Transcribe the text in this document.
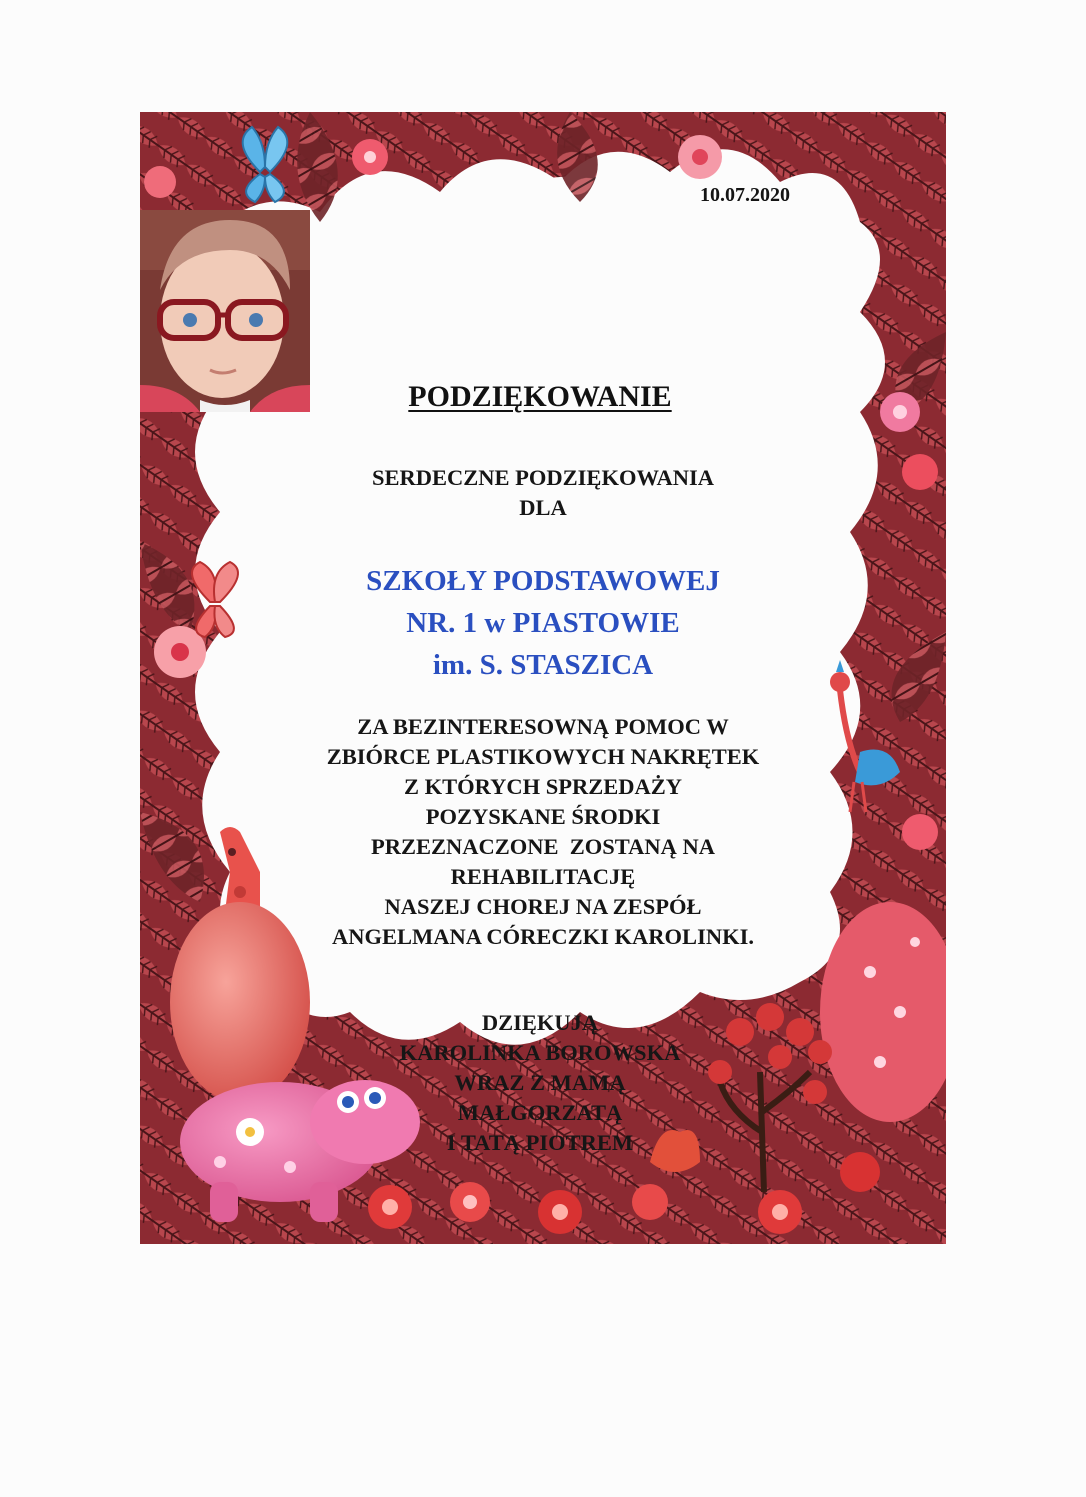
10.07.2020
PODZIĘKOWANIE
SERDECZNE PODZIĘKOWANIA
DLA
SZKOŁY PODSTAWOWEJ
NR. 1 w PIASTOWIE
im. S. STASZICA
ZA BEZINTERESOWNĄ POMOC W
ZBIÓRCE PLASTIKOWYCH NAKRĘTEK
Z KTÓRYCH SPRZEDAŻY
POZYSKANE ŚRODKI
PRZEZNACZONE  ZOSTANĄ NA
REHABILITACJĘ
NASZEJ CHOREJ NA ZESPÓŁ
ANGELMANA CÓRECZKI KAROLINKI.
DZIĘKUJĄ
KAROLINKA BOROWSKA
WRAZ Z MAMĄ
MAŁGORZATĄ
I TATĄ PIOTREM
